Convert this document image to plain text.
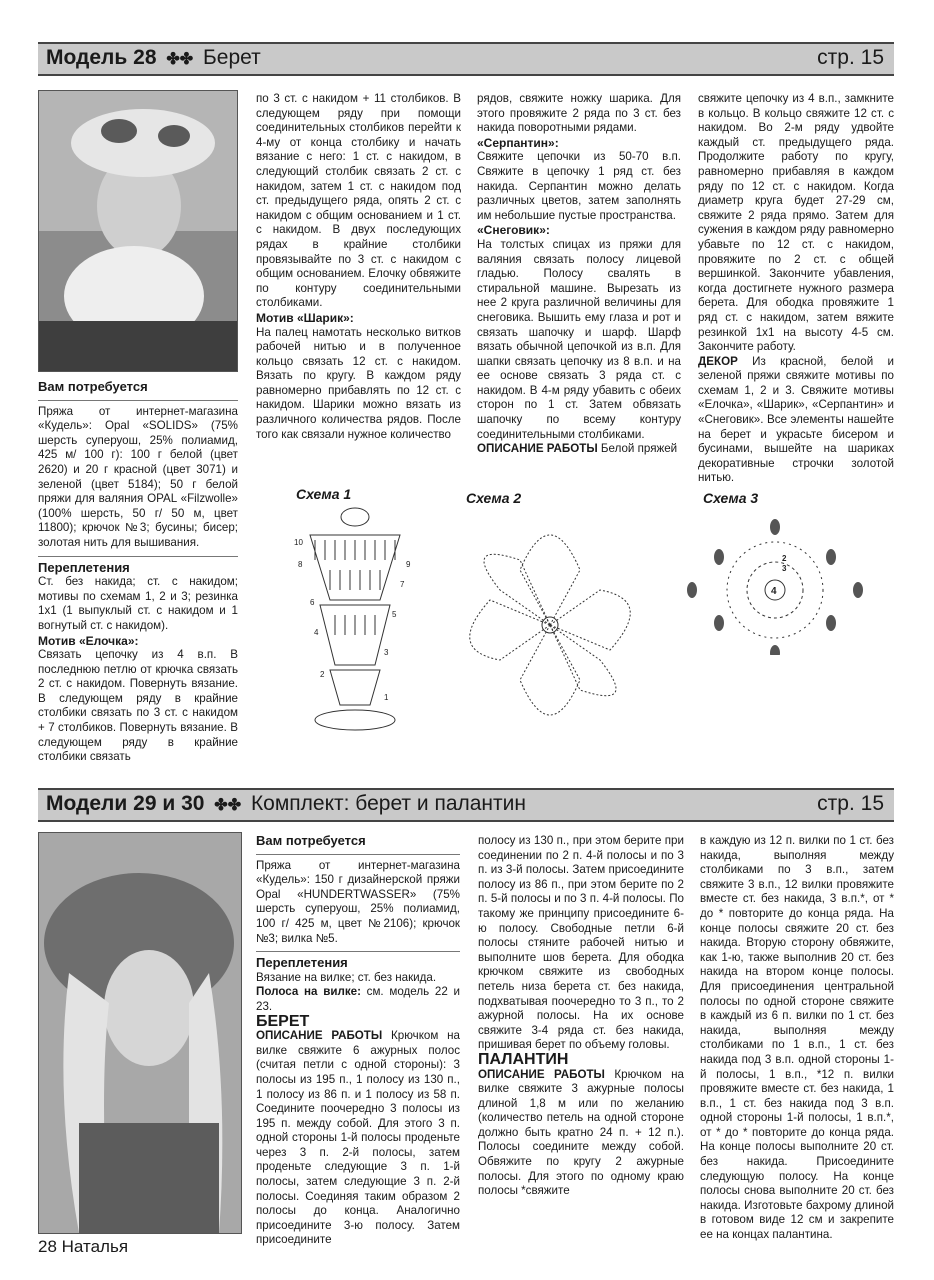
Модель 28 ✤✤ Берет	стр. 15

Вам потребуется

Пряжа от интернет-магазина «Кудель»: Opal «SOLIDS» (75% шерсть суперуош, 25% полиамид, 425 м/ 100 г): 100 г белой (цвет 2620) и 20 г красной (цвет 3071) и зеленой (цвет 5184); 50 г белой пряжи для валяния OPAL «Filzwolle» (100% шерсть, 50 г/ 50 м, цвет 11800); крючок №3; бусины; бисер; золотая нить для вышивания.

Переплетения

Ст. без накида; ст. с накидом; мотивы по схемам 1, 2 и 3; резинка 1х1 (1 выпуклый ст. с накидом и 1 вогнутый ст. с накидом).

Мотив «Елочка»:

Связать цепочку из 4 в.п. В последнюю петлю от крючка связать 2 ст. с накидом. Повернуть вязание. В следующем ряду в крайние столбики связать по 3 ст. с накидом + 7 столбиков. Повернуть вязание. В следующем ряду в крайние столбики связать

по 3 ст. с накидом + 11 столбиков. В следующем ряду при помощи соединительных столбиков перейти к 4-му от конца столбику и начать вязание с него: 1 ст. с накидом, в следующий столбик связать 2 ст. с накидом, затем 1 ст. с накидом под ст. предыдущего ряда, опять 2 ст. с накидом с общим основанием и 1 ст. с накидом. В двух последующих рядах в крайние столбики провязывайте по 3 ст. с накидом с общим основанием. Елочку обвяжите по контуру соединительными столбиками.

Мотив «Шарик»:

На палец намотать несколько витков рабочей нитью и в полученное кольцо связать 12 ст. с накидом. Вязать по кругу. В каждом ряду равномерно прибавлять по 12 ст. с накидом. Шарики можно вязать из различного количества рядов. После того как связали нужное количество

рядов, свяжите ножку шарика. Для этого провяжите 2 ряда по 3 ст. без накида поворотными рядами.

«Серпантин»:

Свяжите цепочки из 50-70 в.п. Свяжите в цепочку 1 ряд ст. без накида. Серпантин можно делать различных цветов, затем заполнять им небольшие пустые пространства.

«Снеговик»:

На толстых спицах из пряжи для валяния связать полосу лицевой гладью. Полосу свалять в стиральной машине. Вырезать из нее 2 круга различной величины для снеговика. Вышить ему глаза и рот и связать шапочку и шарф. Шарф вязать обычной цепочкой из в.п. Для шапки связать цепочку из 8 в.п. и на ее основе связать 3 ряда ст. с накидом. В 4-м ряду убавить с обеих сторон по 1 ст. Затем обвязать шапочку по всему контуру соединительными столбиками.

ОПИСАНИЕ РАБОТЫ Белой пряжей

свяжите цепочку из 4 в.п., замкните в кольцо. В кольцо свяжите 12 ст. с накидом. Во 2-м ряду удвойте каждый ст. предыдущего ряда. Продолжите работу по кругу, равномерно прибавляя в каждом ряду по 12 ст. с накидом. Когда диаметр круга будет 27-29 см, свяжите 2 ряда прямо. Затем для сужения в каждом ряду равномерно убавьте по 12 ст. с накидом, провяжите по 2 ст. с общей вершинкой. Закончите убавления, когда достигнете нужного размера берета. Для ободка провяжите 1 ряд ст. с накидом, затем вяжите резинкой 1х1 на высоту 4-5 см. Закончите работу.

ДЕКОР Из красной, белой и зеленой пряжи свяжите мотивы по схемам 1, 2 и 3. Свяжите мотивы «Елочка», «Шарик», «Серпантин» и «Снеговик». Все элементы нашейте на берет и украсьте бисером и бусинами, вышейте на шариках декоративные строчки золотой нитью.

Схема 1	Схема 2	Схема 3
10
9
8
7
6
5
4
3
2
1
4
3
2
Модели 29 и 30 ✤✤ Комплект: берет и палантин	стр. 15

Вам потребуется

Пряжа от интернет-магазина «Кудель»: 150 г дизайнерской пряжи Opal «HUNDERTWASSER» (75% шерсть суперуош, 25% полиамид, 100 г/ 425 м, цвет №2106); крючок №3; вилка №5.

Переплетения

Вязание на вилке; ст. без накида.

Полоса на вилке: см. модель 22 и 23.

БЕРЕТ

ОПИСАНИЕ РАБОТЫ Крючком на вилке свяжите 6 ажурных полос (считая петли с одной стороны): 3 полосы из 195 п., 1 полосу из 130 п., 1 полосу из 86 п. и 1 полосу из 58 п. Соедините поочередно 3 полосы из 195 п. между собой. Для этого 3 п. одной стороны 1-й полосы проденьте через 3 п. 2-й полосы, затем проденьте следующие 3 п. 1-й полосы, затем следующие 3 п. 2-й полосы. Соединяя таким образом 2 полосы до конца. Аналогично присоедините 3-ю полосу. Затем присоедините

полосу из 130 п., при этом берите при соединении по 2 п. 4-й полосы и по 3 п. из 3-й полосы. Затем присоедините полосу из 86 п., при этом берите по 2 п. 5-й полосы и по 3 п. 4-й полосы. По такому же принципу присоедините 6-ю полосу. Свободные петли 6-й полосы стяните рабочей нитью и выполните шов берета. Для ободка крючком свяжите из свободных петель низа берета ст. без накида, подхватывая поочередно то 3 п., то 2 ажурной полосы. На их основе свяжите 3-4 ряда ст. без накида, пришивая берет по объему головы.

ПАЛАНТИН

ОПИСАНИЕ РАБОТЫ Крючком на вилке свяжите 3 ажурные полосы длиной 1,8 м или по желанию (количество петель на одной стороне должно быть кратно 24 п. + 12 п.). Полосы соедините между собой. Обвяжите по кругу 2 ажурные полосы. Для этого по одному краю полосы *свяжите

в каждую из 12 п. вилки по 1 ст. без накида, выполняя между столбиками по 3 в.п., затем свяжите 3 в.п., 12 вилки провяжите вместе ст. без накида, 3 в.п.*, от * до * повторите до конца ряда. На конце полосы свяжите 20 ст. без накида. Вторую сторону обвяжите, как 1-ю, также выполнив 20 ст. без накида на втором конце полосы. Для присоединения центральной полосы по одной стороне свяжите в каждый из 6 п. вилки по 1 ст. без накида, выполняя между столбиками по 1 в.п., 1 ст. без накида под 3 в.п. одной стороны 1-й полосы, 1 в.п., *12 п. вилки провяжите вместе ст. без накида, 1 в.п., 1 ст. без накида под 3 в.п. одной стороны 1-й полосы, 1 в.п.*, от * до * повторите до конца ряда. На конце полосы выполните 20 ст. без накида. Присоедините следующую полосу. На конце полосы снова выполните 20 ст. без накида. Изготовьте бахрому длиной в готовом виде 12 см и закрепите ее на концах палантина.

28 Наталья
